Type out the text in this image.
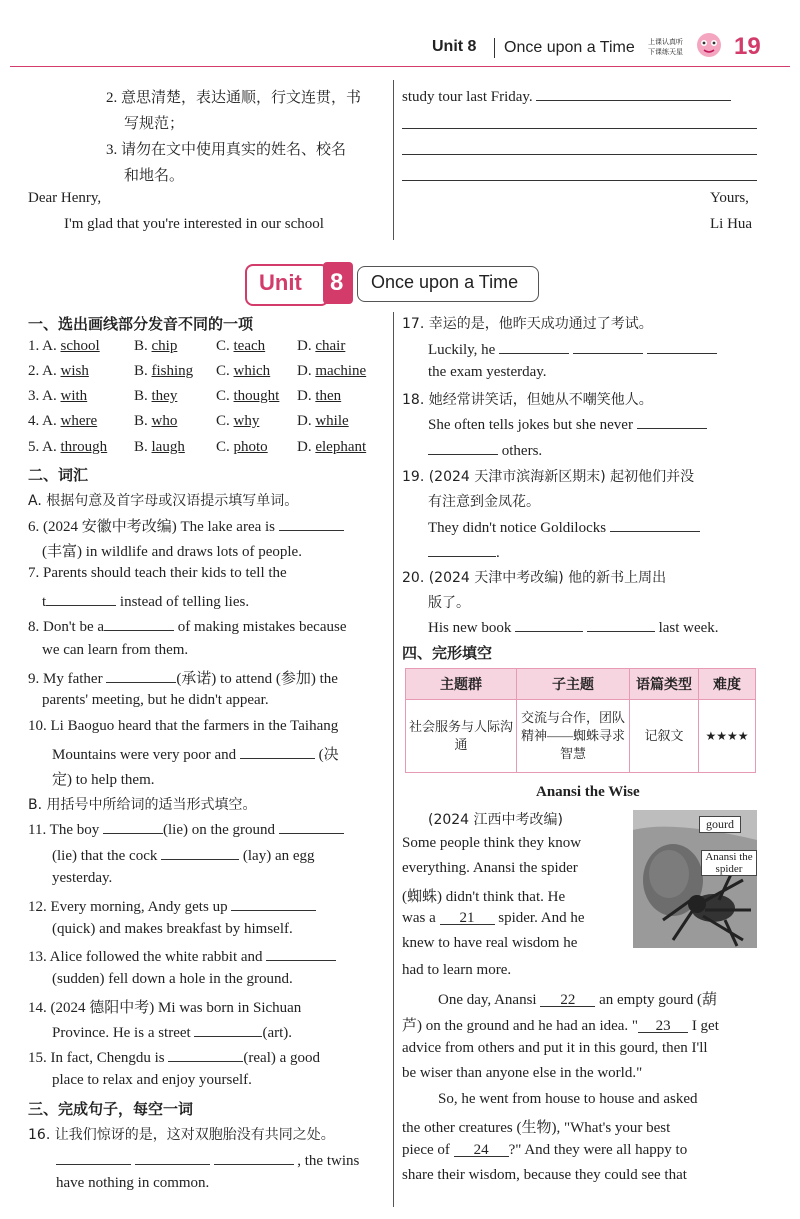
Unit 8 Once upon a Time 上课认真听 下课练天星	19
2. 意思清楚，表达通顺，行文连贯，书
写规范；
3. 请勿在文中使用真实的姓名、校名
和地名。
Dear Henry,
I'm glad that you're interested in our school
study tour last Friday.
Yours,
Li Hua
Unit 8 Once upon a Time
一、选出画线部分发音不同的一项
1. A. school B. chip	C. teach D. chair
2. A. wish	B. fishing C. which D. machine
3. A. with	B. they	C. thought D. then
4. A. where B. who	C. why	D. while
5. A. through B. laugh C. photo D. elephant
二、词汇
A. 根据句意及首字母或汉语提示填写单词。
6. (2024 安徽中考改编) The lake area is
(丰富) in wildlife and draws lots of people.
7. Parents should teach their kids to tell the
t	instead of telling lies.
8. Don't be a	of making mistakes because
we can learn from them.
9. My father	(承诺) to attend (参加) the
parents' meeting, but he didn't appear.
10. Li Baoguo heard that the farmers in the Taihang
Mountains were very poor and	(决
定) to help them.
B. 用括号中所给词的适当形式填空。
11. The boy	(lie) on the ground
(lie) that the cock	(lay) an egg
yesterday.
12. Every morning, Andy gets up
(quick) and makes breakfast by himself.
13. Alice followed the white rabbit and
(sudden) fell down a hole in the ground.
14. (2024 德阳中考) Mi was born in Sichuan
Province. He is a street	(art).
15. In fact, Chengdu is	(real) a good
place to relax and enjoy yourself.
三、完成句子，每空一词
16. 让我们惊讶的是，这对双胞胎没有共同之处。
, the twins
have nothing in common.
17. 幸运的是，他昨天成功通过了考试。
Luckily, he
the exam yesterday.
18. 她经常讲笑话，但她从不嘲笑他人。
She often tells jokes but she never
others.
19. (2024 天津市滨海新区期末) 起初他们并没
有注意到金凤花。
They didn't notice Goldilocks
.
20. (2024 天津中考改编) 他的新书上周出
版了。
His new book	last week.
四、完形填空
主题群	子主题	语篇类型	难度
社会服务与人际沟通	交流与合作，团队精神——蜘蛛寻求智慧	记叙文	★★★★
Anansi the Wise
(2024 江西中考改编)	gourd
Anansi the spider
Some people think they know
everything. Anansi the spider
(蜘蛛) didn't think that. He
was a 21 spider. And he
knew to have real wisdom he
had to learn more.
One day, Anansi 22 an empty gourd (葫
芦) on the ground and he had an idea. " 23 I get
advice from others and put it in this gourd, then I'll
be wiser than anyone else in the world."
So, he went from house to house and asked
the other creatures (生物), "What's your best
piece of 24 ?" And they were all happy to
share their wisdom, because they could see that
